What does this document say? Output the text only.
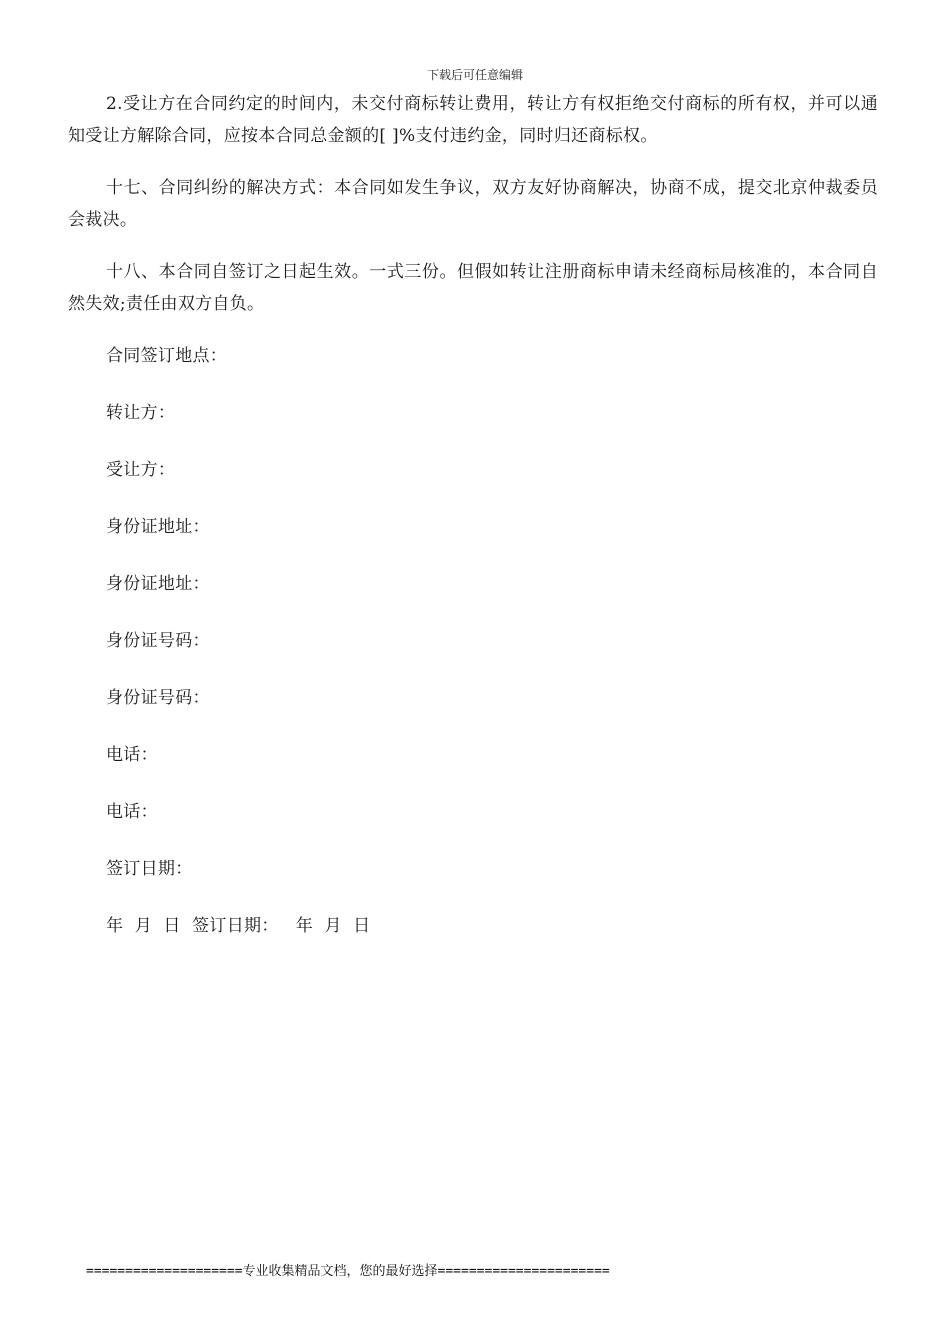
下载后可任意编辑

2.受让方在合同约定的时间内，未交付商标转让费用，转让方有权拒绝交付商标的所有权，并可以通知受让方解除合同，应按本合同总金额的[ ]%支付违约金，同时归还商标权。

十七、合同纠纷的解决方式：本合同如发生争议，双方友好协商解决，协商不成，提交北京仲裁委员会裁决。

十八、本合同自签订之日起生效。一式三份。但假如转让注册商标申请未经商标局核准的，本合同自然失效;责任由双方自负。

合同签订地点：
转让方：
受让方：
身份证地址：
身份证地址：
身份证号码：
身份证号码：
电话：
电话：
签订日期：
年  月  日  签订日期：   年  月  日
====================专业收集精品文档，您的最好选择======================
